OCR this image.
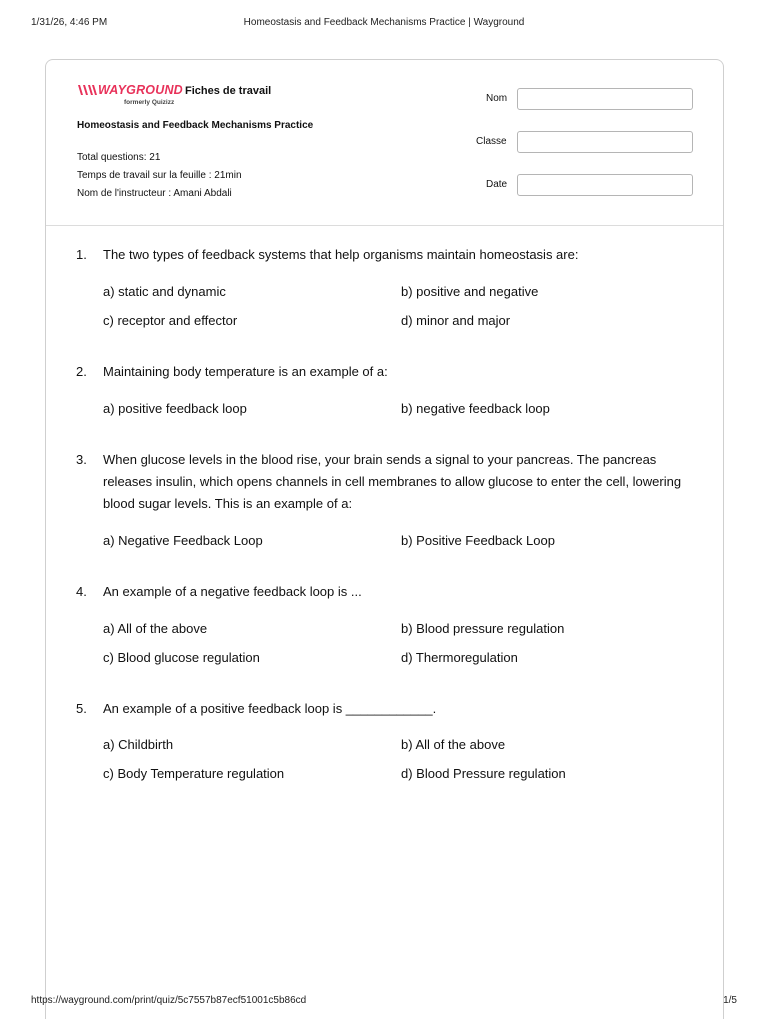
1/31/26, 4:46 PM	Homeostasis and Feedback Mechanisms Practice | Wayground
WAYGROUND
formerly Quizizz
Fiches de travail
Homeostasis and Feedback Mechanisms Practice
Total questions: 21
Temps de travail sur la feuille : 21min
Nom de l'instructeur : Amani Abdali
Nom
Classe
Date
1. The two types of feedback systems that help organisms maintain homeostasis are:
a) static and dynamic	b) positive and negative
c) receptor and effector	d) minor and major
2. Maintaining body temperature is an example of a:
a) positive feedback loop	b) negative feedback loop
3. When glucose levels in the blood rise, your brain sends a signal to your pancreas. The pancreas
releases insulin, which opens channels in cell membranes to allow glucose to enter the cell, lowering
blood sugar levels. This is an example of a:
a) Negative Feedback Loop	b) Positive Feedback Loop
4. An example of a negative feedback loop is ...
a) All of the above	b) Blood pressure regulation
c) Blood glucose regulation	d) Thermoregulation
5. An example of a positive feedback loop is ____________.
a) Childbirth	b) All of the above
c) Body Temperature regulation	d) Blood Pressure regulation
https://wayground.com/print/quiz/5c7557b87ecf51001c5b86cd	1/5
